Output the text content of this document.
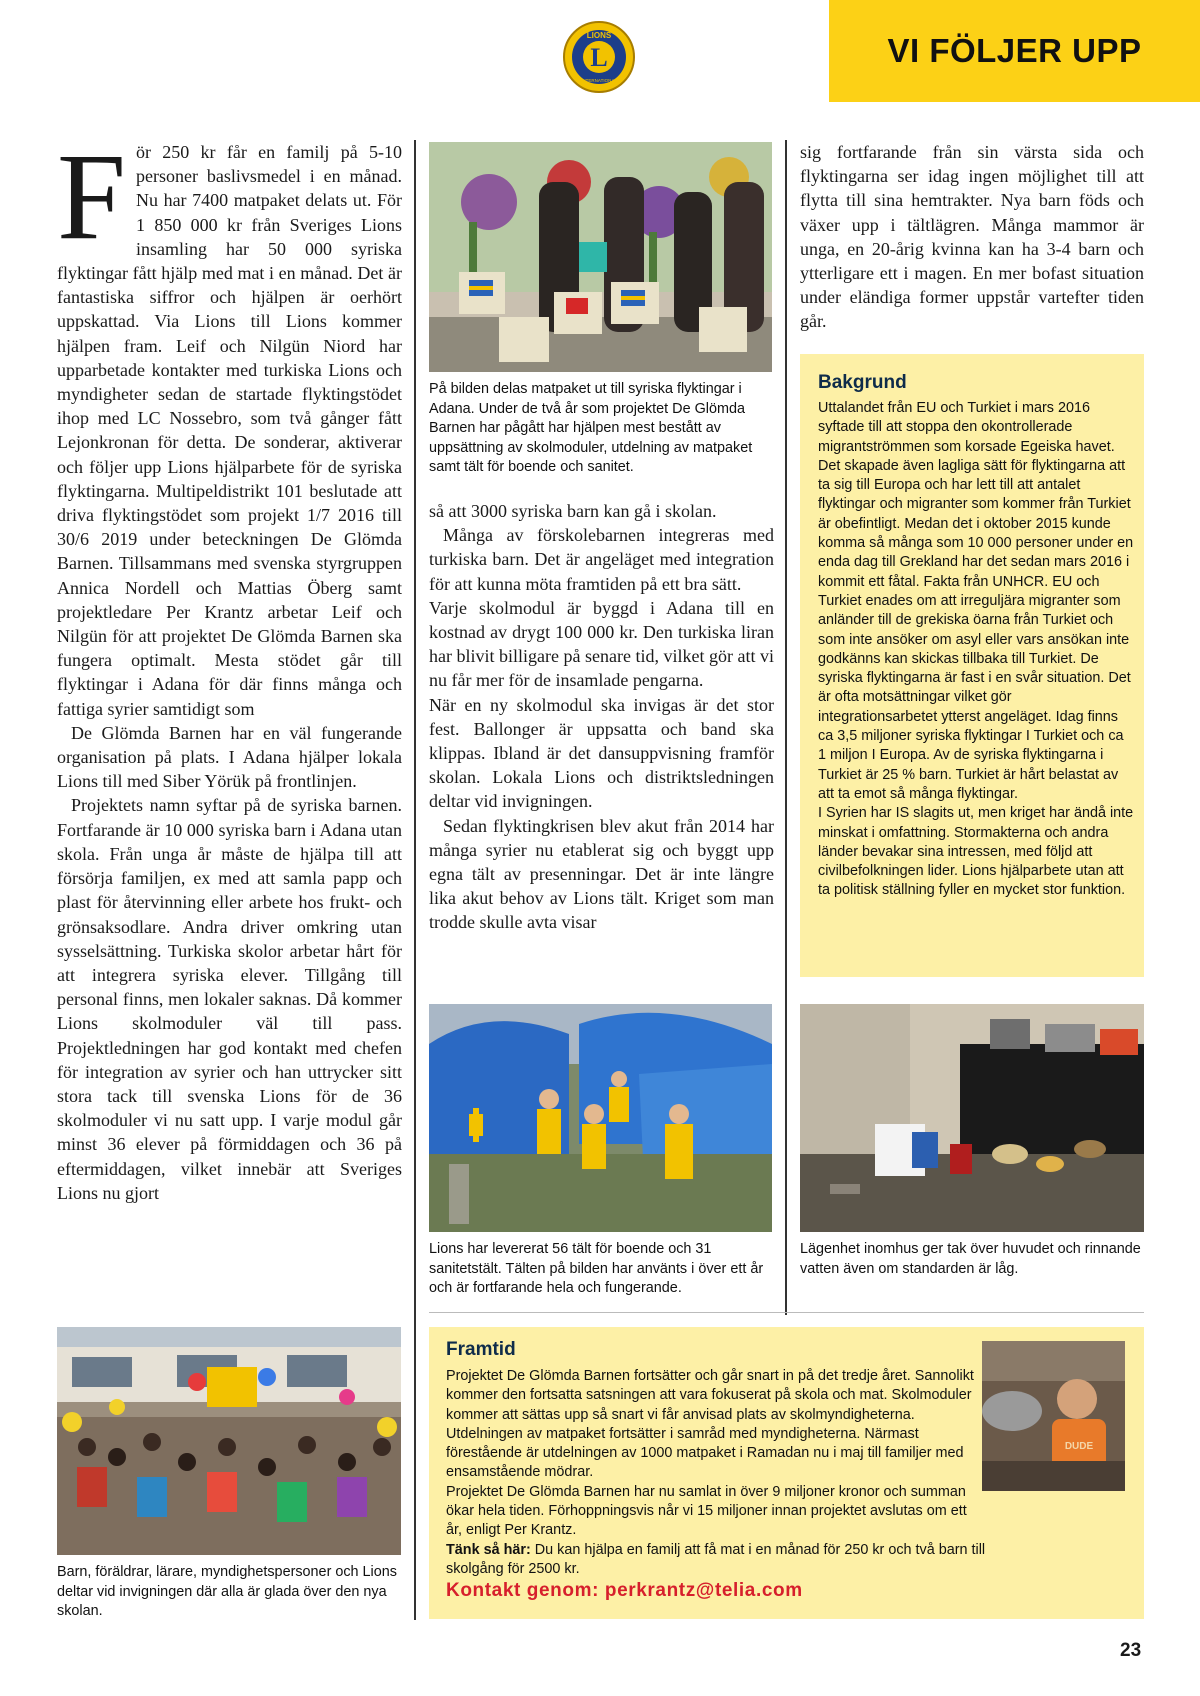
VI FÖLJER UPP
L
LIONS
INTERNATIONAL

För 250 kr får en familj på 5-10 personer baslivsmedel i en månad. Nu har 7400 matpaket delats ut. För 1 850 000 kr från Sveriges Lions insamling har 50 000 syriska flyktingar fått hjälp med mat i en månad. Det är fantastiska siffror och hjälpen är oerhört uppskattad. Via Lions till Lions kommer hjälpen fram. Leif och Nilgün Niord har upparbetade kontakter med turkiska Lions och myndigheter sedan de startade flyktingstödet ihop med LC Nossebro, som två gånger fått Lejonkronan för detta. De sonderar, aktiverar och följer upp Lions hjälparbete för de syriska flyktingarna. Multipeldistrikt 101 beslutade att driva flyktingstödet som projekt 1/7 2016 till 30/6 2019 under beteckningen De Glömda Barnen. Tillsammans med svenska styrgruppen Annica Nordell och Mattias Öberg samt projektledare Per Krantz arbetar Leif och Nilgün för att projektet De Glömda Barnen ska fungera optimalt. Mesta stödet går till flyktingar i Adana för där finns många och fattiga syrier samtidigt som

De Glömda Barnen har en väl fungerande organisation på plats. I Adana hjälper lokala Lions till med Siber Yörük på frontlinjen.

Projektets namn syftar på de syriska barnen. Fortfarande är 10 000 syriska barn i Adana utan skola. Från unga år måste de hjälpa till att försörja familjen, ex med att samla papp och plast för återvinning eller arbete hos frukt- och grönsaksodlare. Andra driver omkring utan sysselsättning. Turkiska skolor arbetar hårt för att integrera syriska elever. Tillgång till personal finns, men lokaler saknas. Då kommer Lions skolmoduler väl till pass. Projektledningen har god kontakt med chefen för integration av syrier och han uttrycker sitt stora tack till svenska Lions för de 36 skolmoduler vi nu satt upp. I varje modul går minst 36 elever på förmiddagen och 36 på eftermiddagen, vilket innebär att Sveriges Lions nu gjort

På bilden delas matpaket ut till syriska flyktingar i Adana. Under de två år som projektet De Glömda Barnen har pågått har hjälpen mest bestått av uppsättning av skolmoduler, utdelning av matpaket samt tält för boende och sanitet.

så att 3000 syriska barn kan gå i skolan.

Många av förskolebarnen integreras med turkiska barn. Det är angeläget med integration för att kunna möta framtiden på ett bra sätt.

Varje skolmodul är byggd i Adana till en kostnad av drygt 100 000 kr. Den turkiska liran har blivit billigare på senare tid, vilket gör att vi nu får mer för de insamlade pengarna.

När en ny skolmodul ska invigas är det stor fest. Ballonger är uppsatta och band ska klippas. Ibland är det dansuppvisning framför skolan. Lokala Lions och distriktsledningen deltar vid invigningen.

Sedan flyktingkrisen blev akut från 2014 har många syrier nu etablerat sig och byggt upp egna tält av presenningar. Det är inte längre lika akut behov av Lions tält. Kriget som man trodde skulle avta visar

Lions har levererat 56 tält för boende och 31 sanitetstält. Tälten på bilden har använts i över ett år och är fortfarande hela och fungerande.

sig fortfarande från sin värsta sida och flyktingarna ser idag ingen möjlighet till att flytta till sina hemtrakter. Nya barn föds och växer upp i tältlägren. Många mammor är unga, en 20-årig kvinna kan ha 3-4 barn och ytterligare ett i magen. En mer bofast situation under eländiga former uppstår vartefter tiden går.

Bakgrund

Uttalandet från EU och Turkiet i mars 2016 syftade till att stoppa den okontrollerade migrantströmmen som korsade Egeiska havet. Det skapade även lagliga sätt för flyktingarna att ta sig till Europa och har lett till att antalet flyktingar och migranter som kommer från Turkiet är obefintligt. Medan det i oktober 2015 kunde komma så många som 10 000 personer under en enda dag till Grekland har det sedan mars 2016 i kommit ett fåtal. Fakta från UNHCR. EU och Turkiet enades om att irreguljära migranter som anländer till de grekiska öarna från Turkiet och som inte ansöker om asyl eller vars ansökan inte godkänns kan skickas tillbaka till Turkiet. De syriska flyktingarna är fast i en svår situation. Det är ofta motsättningar vilket gör integrationsarbetet ytterst angeläget. Idag finns ca 3,5 miljoner syriska flyktingar I Turkiet och ca 1 miljon I Europa. Av de syriska flyktingarna i Turkiet är 25 % barn. Turkiet är hårt belastat av att ta emot så många flyktingar.

I Syrien har IS slagits ut, men kriget har ändå inte minskat i omfattning. Stormakterna och andra länder bevakar sina intressen, med följd att civilbefolkningen lider. Lions hjälparbete utan att ta politisk ställning fyller en mycket stor funktion.

Lägenhet inomhus ger tak över huvudet och rinnande vatten även om standarden är låg.
Barn, föräldrar, lärare, myndighetspersoner och Lions deltar vid invigningen där alla är glada över den nya skolan.
Framtid

Projektet De Glömda Barnen fortsätter och går snart in på det tredje året. Sannolikt kommer den fortsatta satsningen att vara fokuserat på skola och mat. Skolmoduler kommer att sättas upp så snart vi får anvisad plats av skolmyndigheterna. Utdelningen av matpaket fortsätter i samråd med myndigheterna. Närmast förestående är utdelningen av 1000 matpaket i Ramadan nu i maj till familjer med ensamstående mödrar.

Projektet De Glömda Barnen har nu samlat in över 9 miljoner kronor och summan ökar hela tiden. Förhoppningsvis når vi 15 miljoner innan projektet avslutas om ett år, enligt Per Krantz.

Tänk så här: Du kan hjälpa en familj att få mat i en månad för 250 kr och två barn till skolgång för 2500 kr.

Kontakt genom: perkrantz@telia.com
DUDE
23
